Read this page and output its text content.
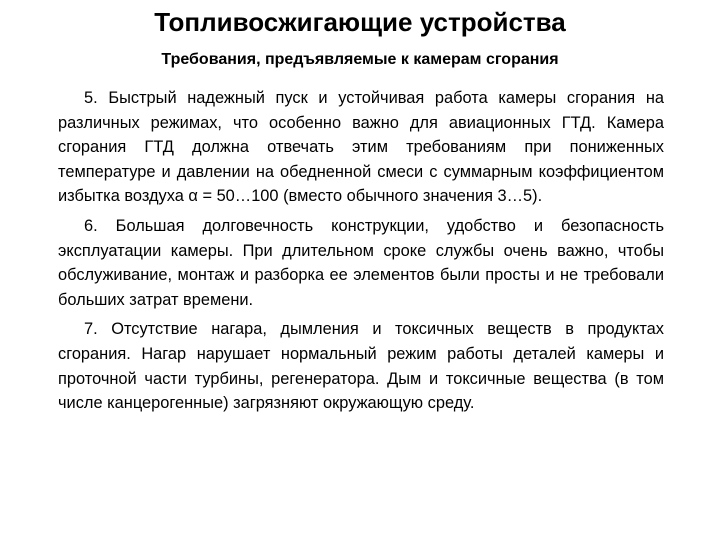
Топливосжигающие устройства
Требования, предъявляемые к камерам сгорания

5. Быстрый надежный пуск и устойчивая работа камеры сгорания на различных режимах, что особенно важно для авиационных ГТД. Камера сгорания ГТД должна отвечать этим требованиям при пониженных температуре и давлении на обедненной смеси с суммарным коэффициентом избытка воздуха α = 50…100 (вместо обычного значения 3…5).

6. Большая долговечность конструкции, удобство и безопасность эксплуатации камеры. При длительном сроке службы очень важно, чтобы обслуживание, монтаж и разборка ее элементов были просты и не требовали больших затрат времени.

7. Отсутствие нагара, дымления и токсичных веществ в продуктах сгорания. Нагар нарушает нормальный режим работы деталей камеры и проточной части турбины, регенератора. Дым и токсичные вещества (в том числе канцерогенные) загрязняют окружающую среду.
